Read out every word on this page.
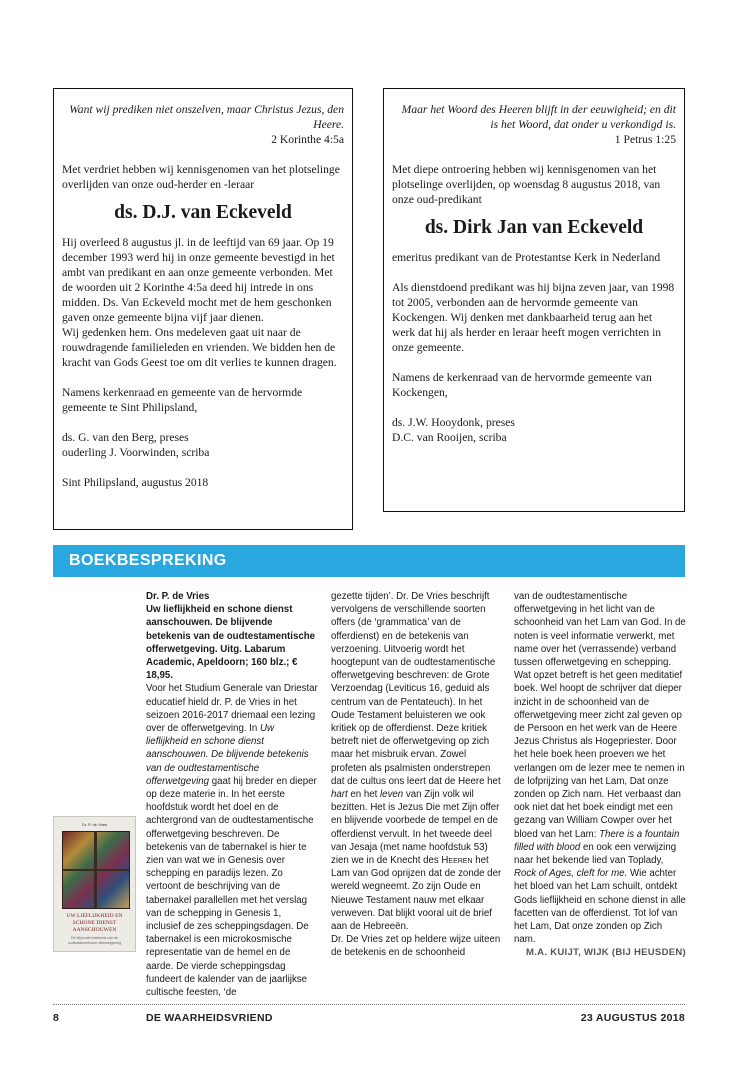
Want wij prediken niet onszelven, maar Christus Jezus, den Heere.

2 Korinthe 4:5a

Met verdriet hebben wij kennisgenomen van het plotselinge overlijden van onze oud-herder en -leraar

ds. D.J. van Eckeveld

Hij overleed 8 augustus jl. in de leeftijd van 69 jaar. Op 19 december 1993 werd hij in onze gemeente bevestigd in het ambt van predikant en aan onze gemeente verbonden. Met de woorden uit 2 Korinthe 4:5a deed hij intrede in ons midden. Ds. Van Eckeveld mocht met de hem geschonken gaven onze gemeente bijna vijf jaar dienen.

Wij gedenken hem. Ons medeleven gaat uit naar de rouwdragende familieleden en vrienden. We bidden hen de kracht van Gods Geest toe om dit verlies te kunnen dragen.

Namens kerkenraad en gemeente van de hervormde gemeente te Sint Philipsland,

ds. G. van den Berg, preses

ouderling J. Voorwinden, scriba

Sint Philipsland, augustus 2018

Maar het Woord des Heeren blijft in der eeuwigheid; en dit is het Woord, dat onder u verkondigd is.

1 Petrus 1:25

Met diepe ontroering hebben wij kennisgenomen van het plotselinge overlijden, op woensdag 8 augustus 2018, van onze oud-predikant

ds. Dirk Jan van Eckeveld

emeritus predikant van de Protestantse Kerk in Nederland

Als dienstdoend predikant was hij bijna zeven jaar, van 1998 tot 2005, verbonden aan de hervormde gemeente van Kockengen. Wij denken met dankbaarheid terug aan het werk dat hij als herder en leraar heeft mogen verrichten in onze gemeente.

Namens de kerkenraad van de hervormde gemeente van Kockengen,

ds. J.W. Hooydonk, preses

D.C. van Rooijen, scriba

BOEKBESPREKING
Dr. P. de Vries
UW LIEFLIJKHEID EN SCHONE DIENST AANSCHOUWEN
De blijvende betekenis van de oudtestamentische offerwetgeving

Dr. P. de Vries

Uw lieflijkheid en schone dienst aanschouwen. De blijvende betekenis van de oudtestamentische offerwetgeving. Uitg. Labarum Academic, Apeldoorn; 160 blz.; € 18,95.

Voor het Studium Generale van Driestar educatief hield dr. P. de Vries in het seizoen 2016-2017 driemaal een lezing over de offerwetgeving. In Uw lieflijkheid en schone dienst aanschouwen. De blijvende betekenis van de oudtestamentische offerwetgeving gaat hij breder en dieper op deze materie in. In het eerste hoofdstuk wordt het doel en de achtergrond van de oudtestamentische offerwetgeving beschreven. De betekenis van de tabernakel is hier te zien van wat we in Genesis over schepping en paradijs lezen. Zo vertoont de beschrijving van de tabernakel parallellen met het verslag van de schepping in Genesis 1, inclusief de zes scheppingsdagen. De tabernakel is een microkosmische representatie van de hemel en de aarde. De vierde scheppingsdag fundeert de kalender van de jaarlijkse cultische feesten, ‘de

gezette tijden’. Dr. De Vries beschrijft vervolgens de verschillende soorten offers (de ‘grammatica’ van de offerdienst) en de betekenis van verzoening. Uitvoerig wordt het hoogtepunt van de oudtestamentische offerwetgeving beschreven: de Grote Verzoendag (Leviticus 16, geduid als centrum van de Pentateuch). In het Oude Testament beluisteren we ook kritiek op de offerdienst. Deze kritiek betreft niet de offerwetgeving op zich maar het misbruik ervan. Zowel profeten als psalmisten onderstrepen dat de cultus ons leert dat de Heere het hart en het leven van Zijn volk wil bezitten. Het is Jezus Die met Zijn offer en blijvende voorbede de tempel en de offerdienst vervult. In het tweede deel van Jesaja (met name hoofdstuk 53) zien we in de Knecht des Heeren het Lam van God oprijzen dat de zonde der wereld wegneemt. Zo zijn Oude en Nieuwe Testament nauw met elkaar verweven. Dat blijkt vooral uit de brief aan de Hebreeën.

Dr. De Vries zet op heldere wijze uiteen de betekenis en de schoonheid

van de oudtestamentische offerwetgeving in het licht van de schoonheid van het Lam van God. In de noten is veel informatie verwerkt, met name over het (verrassende) verband tussen offerwetgeving en schepping. Wat opzet betreft is het geen meditatief boek. Wel hoopt de schrijver dat dieper inzicht in de schoonheid van de offerwetgeving meer zicht zal geven op de Persoon en het werk van de Heere Jezus Christus als Hogepriester. Door het hele boek heen proeven we het verlangen om de lezer mee te nemen in de lofprijzing van het Lam, Dat onze zonden op Zich nam. Het verbaast dan ook niet dat het boek eindigt met een gezang van William Cowper over het bloed van het Lam: There is a fountain filled with blood en ook een verwijzing naar het bekende lied van Toplady, Rock of Ages, cleft for me. Wie achter het bloed van het Lam schuilt, ontdekt Gods lieflijkheid en schone dienst in alle facetten van de offerdienst. Tot lof van het Lam, Dat onze zonden op Zich nam.

M.A. KUIJT, WIJK (BIJ HEUSDEN)

8	DE WAARHEIDSVRIEND	23 AUGUSTUS 2018
